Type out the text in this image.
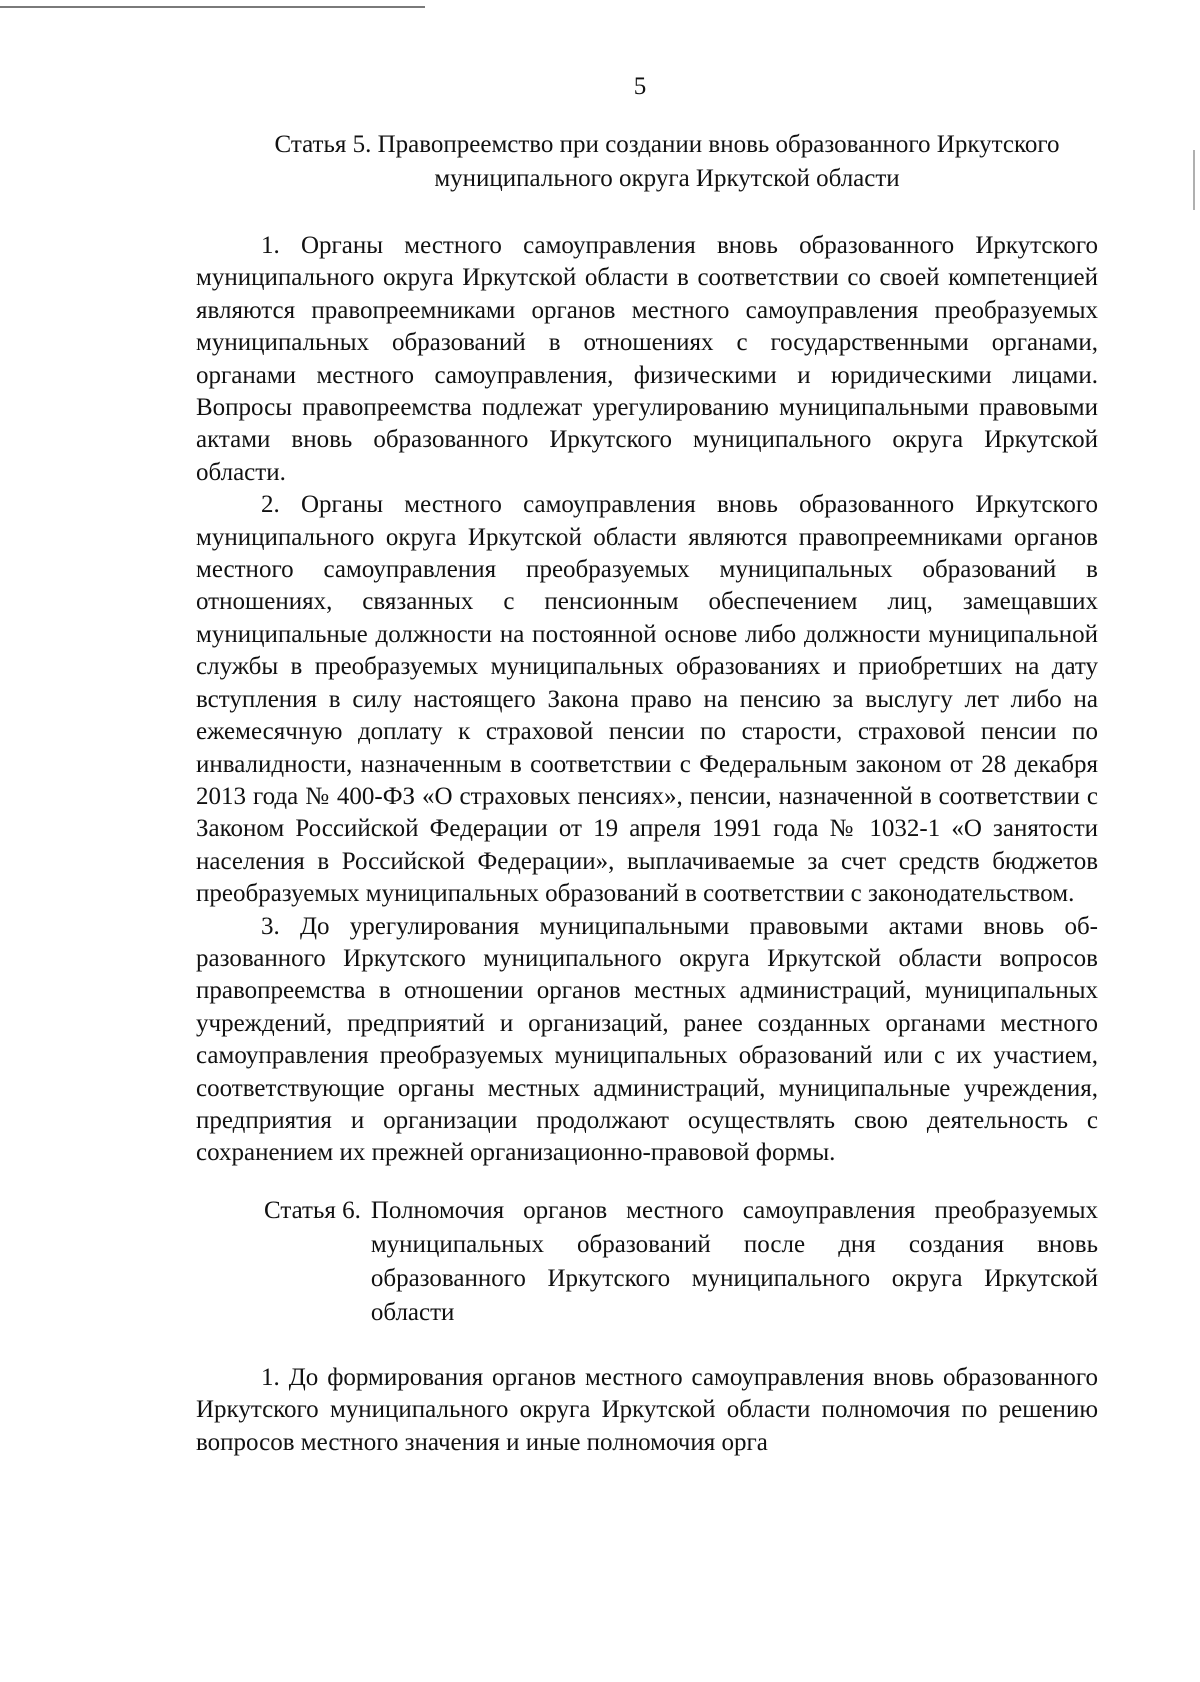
5

Статья 5. Правопреемство при создании вновь образованного Иркутского муниципального округа Иркутской области

1. Органы местного самоуправления вновь образованного Иркутского муниципального округа Иркутской области в соответствии со своей компетенцией являются правопреемниками органов местного самоуправления преобразуемых муниципальных образований в отношениях с государственными органами, органами местного самоуправления, физическими и юридическими лицами. Вопросы правопреемства подлежат урегулированию муниципальными правовыми актами вновь образованного Иркутского муниципального округа Иркутской области.

2. Органы местного самоуправления вновь образованного Иркутского муниципального округа Иркутской области являются правопреемниками органов местного самоуправления преобразуемых муниципальных образований в отношениях, связанных с пенсионным обеспечением лиц, замещавших муниципальные должности на постоянной основе либо должности муниципальной службы в преобразуемых муниципальных образованиях и приобретших на дату вступления в силу настоящего Закона право на пенсию за выслугу лет либо на ежемесячную доплату к страховой пенсии по старости, страховой пенсии по инвалидности, назначенным в соответствии с Федеральным законом от 28 декабря 2013 года № 400-ФЗ «О страховых пенсиях», пенсии, назначенной в соответствии с Законом Российской Федерации от 19 апреля 1991 года № 1032-1 «О занятости населения в Российской Федерации», выплачиваемые за счет средств бюджетов преобразуемых муниципальных образований в соответствии с законодательством.

3. До урегулирования муниципальными правовыми актами вновь образованного Иркутского муниципального округа Иркутской области вопросов правопреемства в отношении органов местных администраций, муниципальных учреждений, предприятий и организаций, ранее созданных органами местного самоуправления преобразуемых муниципальных образований или с их участием, соответствующие органы местных администраций, муниципальные учреждения, предприятия и организации продолжают осуществлять свою деятельность с сохранением их прежней организационно-правовой формы.

Статья 6. Полномочия органов местного самоуправления преобразуемых муниципальных образований после дня создания вновь образованного Иркутского муниципального округа Иркутской области

1. До формирования органов местного самоуправления вновь образованного Иркутского муниципального округа Иркутской области полномочия по решению вопросов местного значения и иные полномочия орга
